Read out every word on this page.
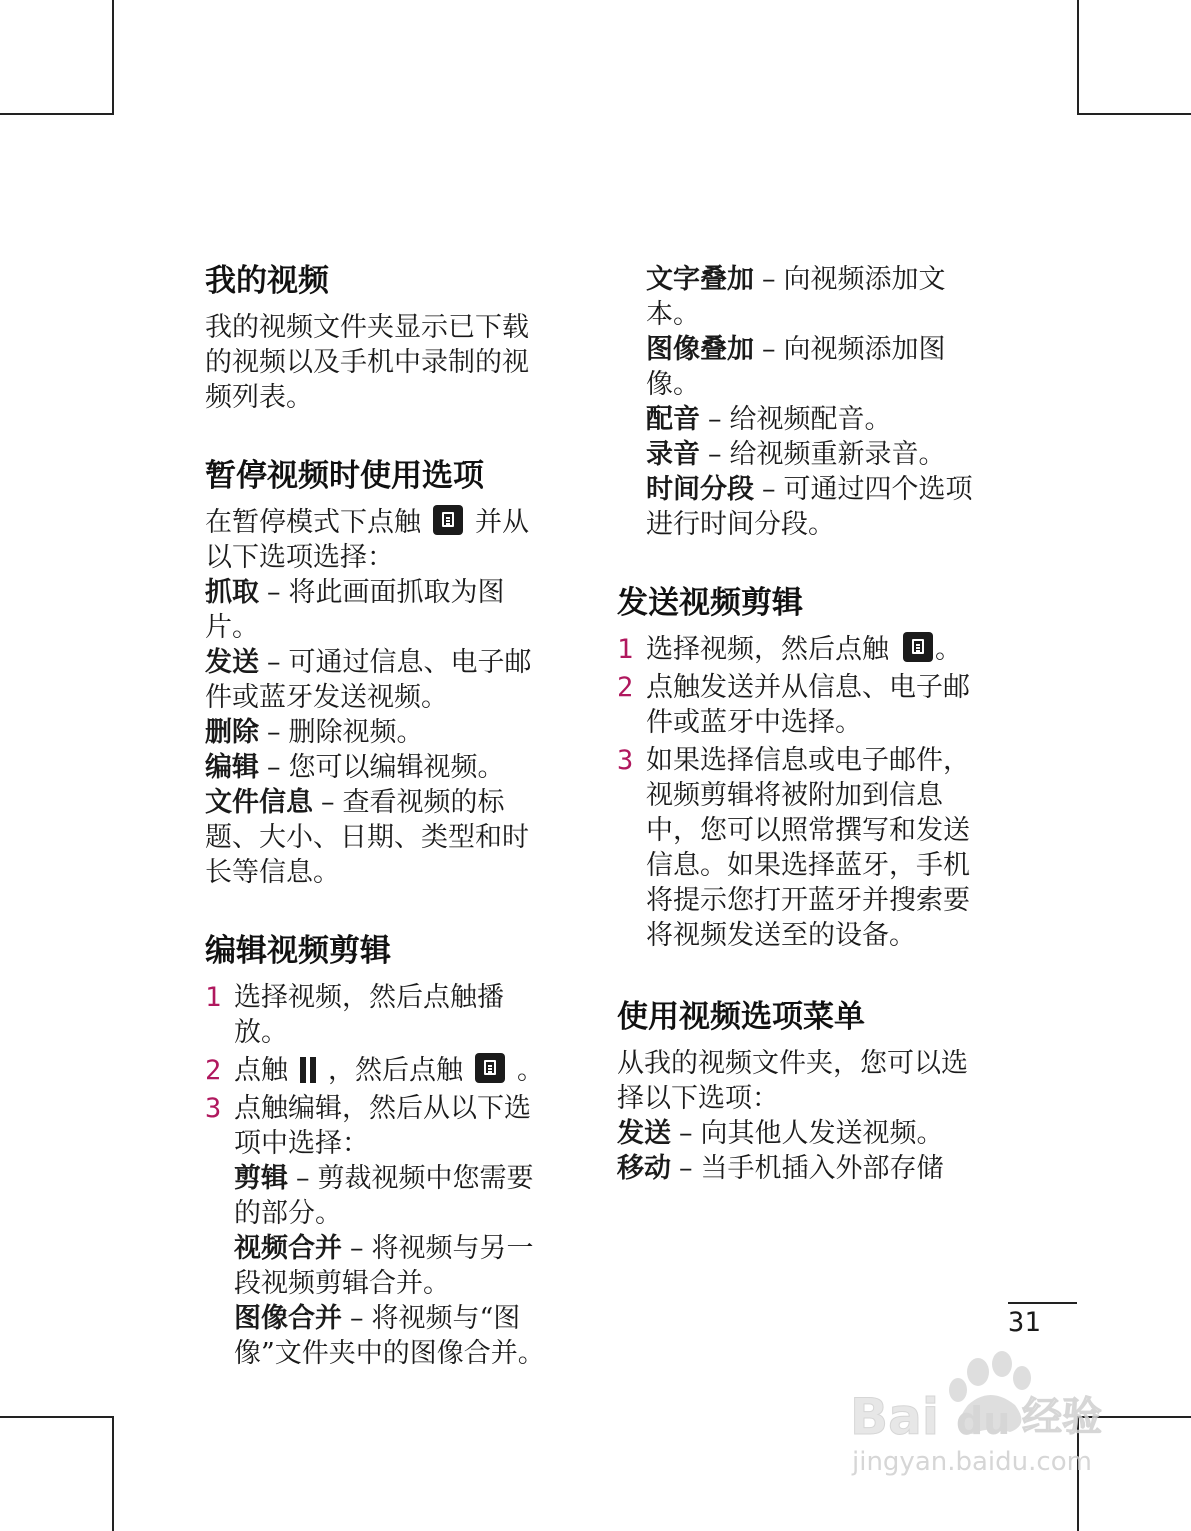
我的视频

我的视频文件夹显示已下载的视频以及手机中录制的视频列表。

暂停视频时使用选项

在暂停模式下点触 并从以下选项选择：

抓取 – 将此画面抓取为图片。

发送 – 可通过信息、电子邮件或蓝牙发送视频。

删除 – 删除视频。

编辑 – 您可以编辑视频。

文件信息 – 查看视频的标题、大小、日期、类型和时长等信息。

编辑视频剪辑
1 选择视频，然后点触播放。
2 点触 ，然后点触 。
3 点触编辑，然后从以下选项中选择：

剪辑 – 剪裁视频中您需要的部分。

视频合并 – 将视频与另一段视频剪辑合并。

图像合并 – 将视频与“图像”文件夹中的图像合并。

文字叠加 – 向视频添加文本。

图像叠加 – 向视频添加图像。

配音 – 给视频配音。

录音 – 给视频重新录音。

时间分段 – 可通过四个选项进行时间分段。

发送视频剪辑
1 选择视频，然后点触 。
2 点触发送并从信息、电子邮件或蓝牙中选择。
3 如果选择信息或电子邮件，视频剪辑将被附加到信息中，您可以照常撰写和发送信息。如果选择蓝牙，手机将提示您打开蓝牙并搜索要将视频发送至的设备。
使用视频选项菜单

从我的视频文件夹，您可以选择以下选项：

发送 – 向其他人发送视频。

移动 – 当手机插入外部存储

31
Bai du 经验
jingyan.baidu.com
